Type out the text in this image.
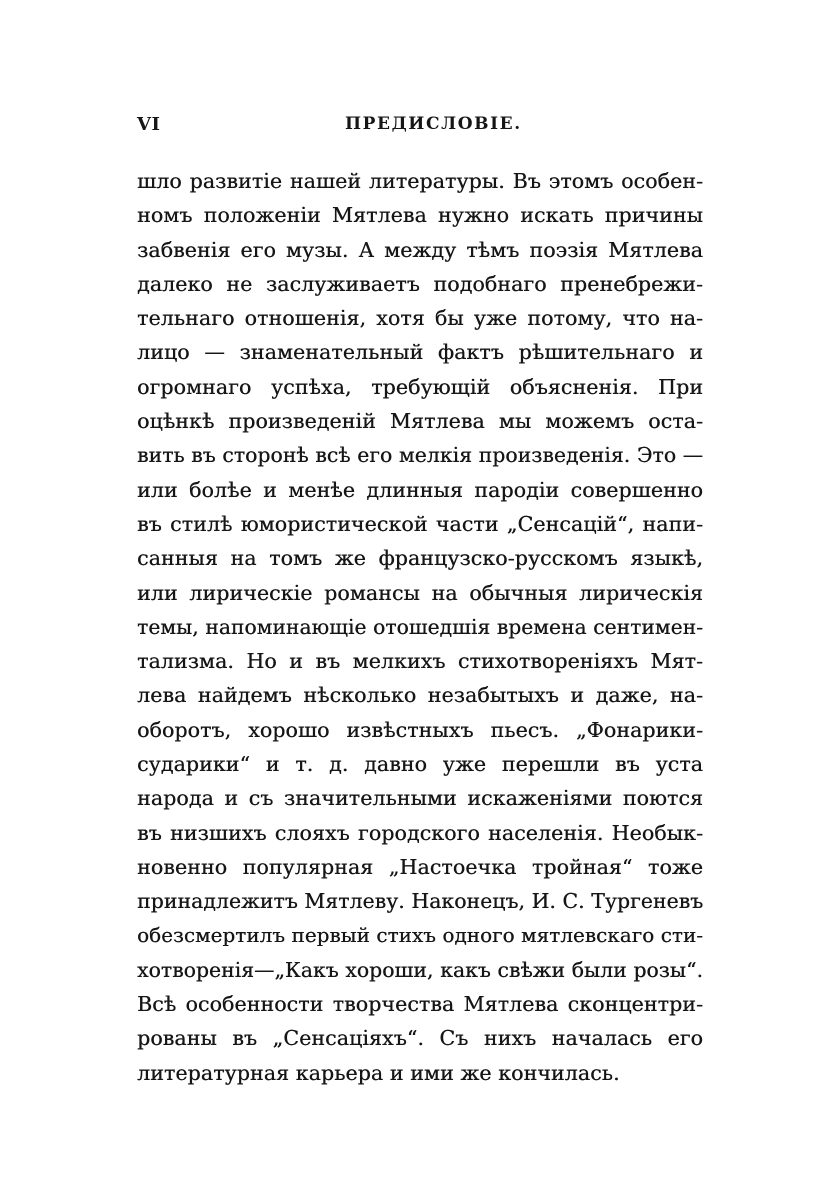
VI	ПРЕДИСЛОВІЕ.
шло развитіе нашей литературы. Въ этомъ особен-
номъ положеніи Мятлева нужно искать причины
забвенія его музы. А между тѣмъ поэзія Мятлева
далеко не заслуживаетъ подобнаго пренебрежи-
тельнаго отношенія, хотя бы уже потому, что на-
лицо — знаменательный фактъ рѣшительнаго и
огромнаго успѣха, требующій объясненія. При
оцѣнкѣ произведеній Мятлева мы можемъ оста-
вить въ сторонѣ всѣ его мелкія произведенія. Это —
или болѣе и менѣе длинныя пародіи совершенно
въ стилѣ юмористической части „Сенсацій“, напи-
санныя на томъ же французско-русскомъ языкѣ,
или лирическіе романсы на обычныя лирическія
темы, напоминающіе отошедшія времена сентимен-
тализма. Но и въ мелкихъ стихотвореніяхъ Мят-
лева найдемъ нѣсколько незабытыхъ и даже, на-
оборотъ, хорошо извѣстныхъ пьесъ. „Фонарики-
сударики“ и т. д. давно уже перешли въ уста
народа и съ значительными искаженіями поются
въ низшихъ слояхъ городского населенія. Необык-
новенно популярная „Настоечка тройная“ тоже
принадлежитъ Мятлеву. Наконецъ, И. С. Тургеневъ
обезсмертилъ первый стихъ одного мятлевскаго сти-
хотворенія—„Какъ хороши, какъ свѣжи были розы“.
Всѣ особенности творчества Мятлева сконцентри-
рованы въ „Сенсаціяхъ“. Съ нихъ началась его
литературная карьера и ими же кончилась.
